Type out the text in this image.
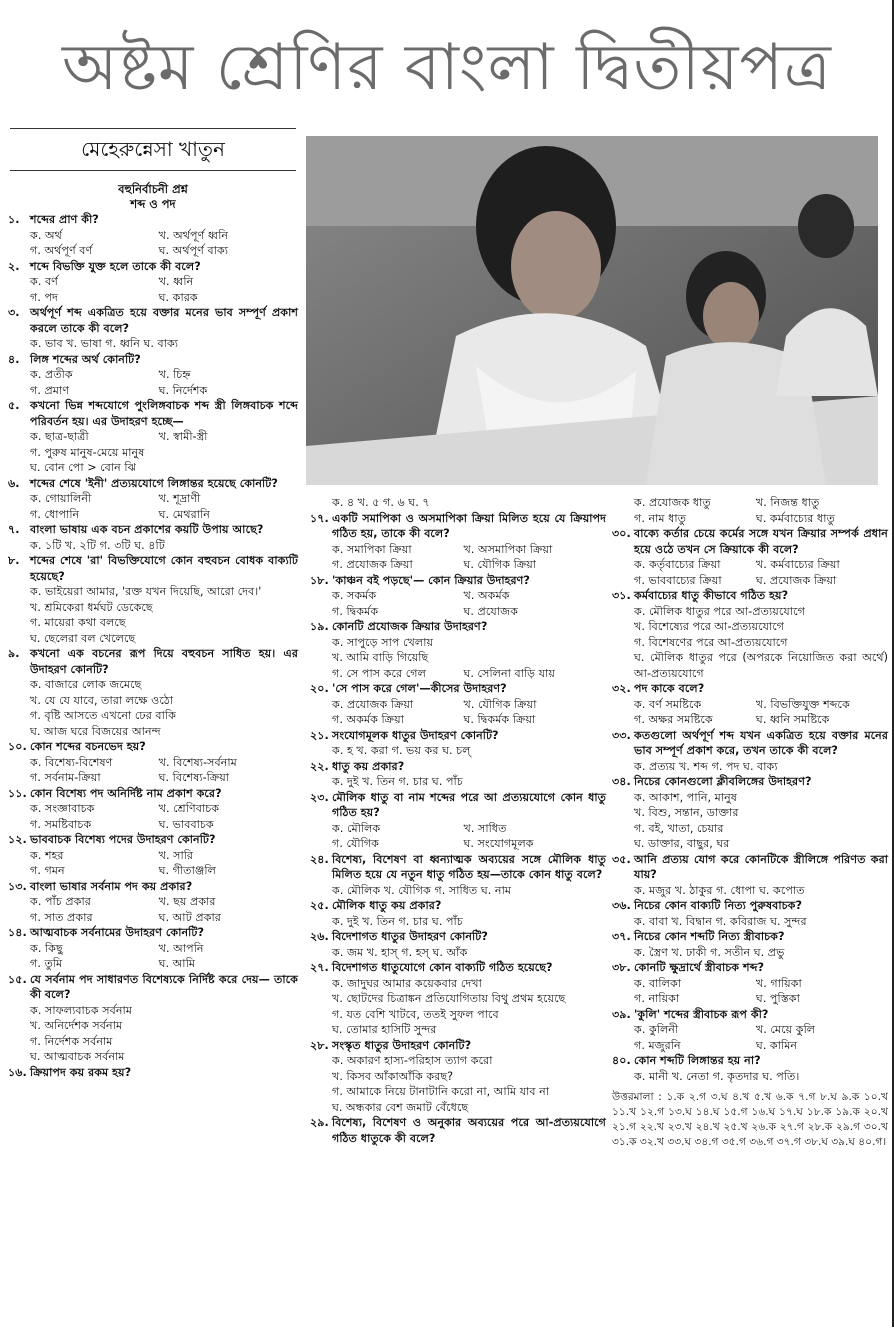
অষ্টম শ্রেণির বাংলা দ্বিতীয়পত্র
মেহেরুন্নেসা খাতুন
বহুনির্বাচনী প্রশ্ন
শব্দ ও পদ
১. শব্দের প্রাণ কী?
ক. অর্থ	খ. অর্থপূর্ণ ধ্বনি
গ. অর্থপূর্ণ বর্ণ	ঘ. অর্থপূর্ণ বাক্য
২. শব্দে বিভক্তি যুক্ত হলে তাকে কী বলে?
ক. বর্ণ	খ. ধ্বনি
গ. পদ	ঘ. কারক
৩. অর্থপূর্ণ শব্দ একত্রিত হয়ে বক্তার মনের ভাব সম্পূর্ণ প্রকাশ করলে তাকে কী বলে?
ক. ভাব খ. ভাষা গ. ধ্বনি ঘ. বাক্য
৪. লিঙ্গ শব্দের অর্থ কোনটি?
ক. প্রতীক	খ. চিহ্ন
গ. প্রমাণ	ঘ. নির্দেশক
৫. কখনো ভিন্ন শব্দযোগে পুংলিঙ্গবাচক শব্দ স্ত্রী লিঙ্গবাচক শব্দে পরিবর্তন হয়। এর উদাহরণ হচ্ছে—
ক. ছাত্র-ছাত্রী	খ. স্বামী-স্ত্রী
গ. পুরুষ মানুষ-মেয়ে মানুষ
ঘ. বোন পো > বোন ঝি
৬. শব্দের শেষে 'ইনী' প্রত্যয়যোগে লিঙ্গান্তর হয়েছে কোনটি?
ক. গোয়ালিনী	খ. শূদ্রাণী
গ. ধোপানি	ঘ. মেথরানি
৭. বাংলা ভাষায় এক বচন প্রকাশের কয়টি উপায় আছে?
ক. ১টি খ. ২টি গ. ৩টি ঘ. ৪টি
৮. শব্দের শেষে 'রা' বিভক্তিযোগে কোন বহুবচন বোধক বাক্যটি হয়েছে?
ক. ভাইয়েরা আমার, 'রক্ত যখন দিয়েছি, আরো দেব।'
খ. শ্রমিকেরা ধর্মঘট ডেকেছে
গ. মায়েরা কথা বলছে
ঘ. ছেলেরা বল খেলেছে
৯. কখনো এক বচনের রূপ দিয়ে বহুবচন সাধিত হয়। এর উদাহরণ কোনটি?
ক. বাজারে লোক জমেছে
খ. যে যে যাবে, তারা লক্ষে ওঠো
গ. বৃষ্টি আসতে এখনো ঢের বাকি
ঘ. আজ ঘরে বিজয়ের আনন্দ
১০. কোন শব্দের বচনভেদ হয়?
ক. বিশেষ্য-বিশেষণ	খ. বিশেষ্য-সর্বনাম
গ. সর্বনাম-ক্রিয়া	ঘ. বিশেষ্য-ক্রিয়া
১১. কোন বিশেষ্য পদ অনির্দিষ্ট নাম প্রকাশ করে?
ক. সংজ্ঞাবাচক	খ. শ্রেণিবাচক
গ. সমষ্টিবাচক	ঘ. ভাববাচক
১২. ভাববাচক বিশেষ্য পদের উদাহরণ কোনটি?
ক. শহর	খ. সারি
গ. গমন	ঘ. গীতাঞ্জলি
১৩. বাংলা ভাষার সর্বনাম পদ কয় প্রকার?
ক. পাঁচ প্রকার	খ. ছয় প্রকার
গ. সাত প্রকার	ঘ. আট প্রকার
১৪. আত্মবাচক সর্বনামের উদাহরণ কোনটি?
ক. কিছু	খ. আপনি
গ. তুমি	ঘ. আমি
১৫. যে সর্বনাম পদ সাধারণত বিশেষ্যকে নির্দিষ্ট করে দেয়— তাকে কী বলে?
ক. সাফল্যবাচক সর্বনাম
খ. অনির্দেশক সর্বনাম
গ. নির্দেশক সর্বনাম
ঘ. আত্মবাচক সর্বনাম
১৬. ক্রিয়াপদ কয় রকম হয়?
ক. ৪ খ. ৫ গ. ৬ ঘ. ৭
১৭. একটি সমাপিকা ও অসমাপিকা ক্রিয়া মিলিত হয়ে যে ক্রিয়াপদ গঠিত হয়, তাকে কী বলে?
ক. সমাপিকা ক্রিয়া	খ. অসমাপিকা ক্রিয়া
গ. প্রযোজক ক্রিয়া	ঘ. যৌগিক ক্রিয়া
১৮. 'কাঞ্চন বই পড়ছে'— কোন ক্রিয়ার উদাহরণ?
ক. সকর্মক	খ. অকর্মক
গ. দ্বিকর্মক	ঘ. প্রযোজক
১৯. কোনটি প্রযোজক ক্রিয়ার উদাহরণ?
ক. সাপুড়ে সাপ খেলায়
খ. আমি বাড়ি গিয়েছি
গ. সে পাস করে গেল	ঘ. সেলিনা বাড়ি যায়
২০. 'সে পাস করে গেল'—কীসের উদাহরণ?
ক. প্রযোজক ক্রিয়া	খ. যৌগিক ক্রিয়া
গ. অকর্মক ক্রিয়া	ঘ. দ্বিকর্মক ক্রিয়া
২১. সংযোগমূলক ধাতুর উদাহরণ কোনটি?
ক. হ খ. করা গ. ভয় কর ঘ. চল্
২২. ধাতু কয় প্রকার?
ক. দুই খ. তিন গ. চার ঘ. পাঁচ
২৩. মৌলিক ধাতু বা নাম শব্দের পরে আ প্রত্যয়যোগে কোন ধাতু গঠিত হয়?
ক. মৌলিক	খ. সাধিত
গ. যৌগিক	ঘ. সংযোগমূলক
২৪. বিশেষ্য, বিশেষণ বা ধ্বন্যাত্মক অব্যয়ের সঙ্গে মৌলিক ধাতু মিলিত হয়ে যে নতুন ধাতু গঠিত হয়—তাকে কোন ধাতু বলে?
ক. মৌলিক খ. যৌগিক গ. সাধিত ঘ. নাম
২৫. মৌলিক ধাতু কয় প্রকার?
ক. দুই খ. তিন গ. চার ঘ. পাঁচ
২৬. বিদেশাগত ধাতুর উদাহরণ কোনটি?
ক. জম খ. হাস্ গ. হস্ ঘ. আঁক
২৭. বিদেশাগত ধাতুযোগে কোন বাক্যটি গঠিত হয়েছে?
ক. জাদুঘর আমার কয়েকবার দেখা
খ. ছোটদের চিত্রাঙ্কন প্রতিযোগিতায় বিথু প্রথম হয়েছে
গ. যত বেশি খাটবে, ততই সুফল পাবে
ঘ. তোমার হাসিটি সুন্দর
২৮. সংস্কৃত ধাতুর উদাহরণ কোনটি?
ক. অকারণ হাস্য-পরিহাস ত্যাগ করো
খ. কিসব আঁকাআঁকি করছ?
গ. আমাকে নিয়ে টানাটানি করো না, আমি যাব না
ঘ. অন্ধকার বেশ জমাট বেঁধেছে
২৯. বিশেষ্য, বিশেষণ ও অনুকার অব্যয়ের পরে আ-প্রত্যয়যোগে গঠিত ধাতুকে কী বলে?
ক. প্রযোজক ধাতু	খ. নিজন্ত ধাতু
গ. নাম ধাতু	ঘ. কর্মবাচ্যের ধাতু
৩০. বাক্যে কর্তার চেয়ে কর্মের সঙ্গে যখন ক্রিয়ার সম্পর্ক প্রধান হয়ে ওঠে তখন সে ক্রিয়াকে কী বলে?
ক. কর্তৃবাচ্যের ক্রিয়া	খ. কর্মবাচ্যের ক্রিয়া
গ. ভাববাচ্যের ক্রিয়া	ঘ. প্রযোজক ক্রিয়া
৩১. কর্মবাচ্যের ধাতু কীভাবে গঠিত হয়?
ক. মৌলিক ধাতুর পরে আ-প্রত্যয়যোগে
খ. বিশেষ্যের পরে আ-প্রত্যয়যোগে
গ. বিশেষণের পরে আ-প্রত্যয়যোগে
ঘ. মৌলিক ধাতুর পরে (অপরকে নিয়োজিত করা অর্থে) আ-প্রত্যয়যোগে
৩২. পদ কাকে বলে?
ক. বর্ণ সমষ্টিকে	খ. বিভক্তিযুক্ত শব্দকে
গ. অক্ষর সমষ্টিকে	ঘ. ধ্বনি সমষ্টিকে
৩৩. কতগুলো অর্থপূর্ণ শব্দ যখন একত্রিত হয়ে বক্তার মনের ভাব সম্পূর্ণ প্রকাশ করে, তখন তাকে কী বলে?
ক. প্রত্যয় খ. শব্দ গ. পদ ঘ. বাক্য
৩৪. নিচের কোনগুলো ক্লীবলিঙ্গের উদাহরণ?
ক. আকাশ, পানি, মানুষ
খ. বিশু, সন্তান, ডাক্তার
গ. বই, খাতা, চেয়ার
ঘ. ডাক্তার, বাছুর, ঘর
৩৫. আনি প্রত্যয় যোগ করে কোনটিকে স্ত্রীলিঙ্গে পরিণত করা যায়?
ক. মজুর খ. ঠাকুর গ. ধোপা ঘ. কপোত
৩৬. নিচের কোন বাক্যটি নিত্য পুরুষবাচক?
ক. বাবা খ. বিদ্বান গ. কবিরাজ ঘ. সুন্দর
৩৭. নিচের কোন শব্দটি নিত্য স্ত্রীবাচক?
ক. স্ত্রৈণ খ. ঢাকী গ. সতীন ঘ. প্রভু
৩৮. কোনটি ক্ষুদ্রার্থে স্ত্রীবাচক শব্দ?
ক. বালিকা	খ. গায়িকা
গ. নায়িকা	ঘ. পুস্তিকা
৩৯. 'কুলি' শব্দের স্ত্রীবাচক রূপ কী?
ক. কুলিনী	খ. মেয়ে কুলি
গ. মজুরনি	ঘ. কামিন
৪০. কোন শব্দটি লিঙ্গান্তর হয় না?
ক. মানী খ. নেতা গ. কৃতদার ঘ. পতি।
উত্তরমালা : ১.ক ২.গ ৩.ঘ ৪.খ ৫.খ ৬.ক ৭.গ ৮.ঘ ৯.ক ১০.খ ১১.খ ১২.গ ১৩.ঘ ১৪.ঘ ১৫.গ ১৬.ঘ ১৭.ঘ ১৮.ক ১৯.ক ২০.খ ২১.গ ২২.খ ২৩.খ ২৪.খ ২৫.খ ২৬.ক ২৭.গ ২৮.ক ২৯.গ ৩০.খ ৩১.ক ৩২.খ ৩৩.ঘ ৩৪.গ ৩৫.গ ৩৬.গ ৩৭.গ ৩৮.ঘ ৩৯.ঘ ৪০.গ।
